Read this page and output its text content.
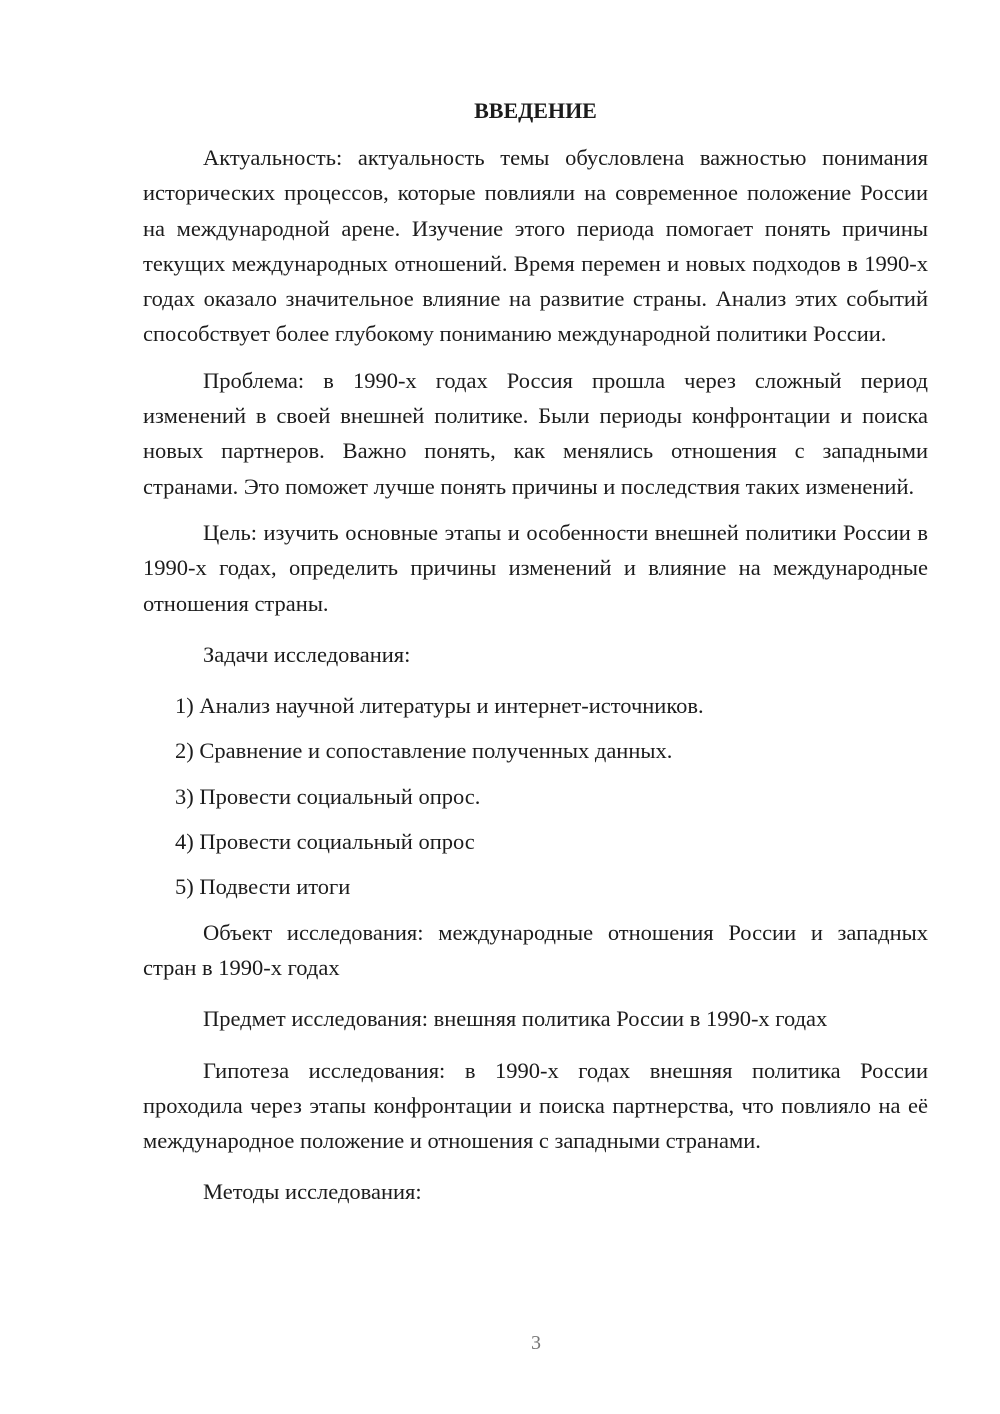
ВВЕДЕНИЕ

Актуальность: актуальность темы обусловлена важностью понимания исторических процессов, которые повлияли на современное положение России на международной арене. Изучение этого периода помогает понять причины текущих международных отношений. Время перемен и новых подходов в 1990-х годах оказало значительное влияние на развитие страны. Анализ этих событий способствует более глубокому пониманию международной политики России.

Проблема: в 1990-х годах Россия прошла через сложный период изменений в своей внешней политике. Были периоды конфронтации и поиска новых партнеров. Важно понять, как менялись отношения с западными странами. Это поможет лучше понять причины и последствия таких изменений.

Цель: изучить основные этапы и особенности внешней политики России в 1990-х годах, определить причины изменений и влияние на международные отношения страны.

Задачи исследования:

1) Анализ научной литературы и интернет-источников.

2) Сравнение и сопоставление полученных данных.

3) Провести социальный опрос.

4) Провести социальный опрос

5) Подвести итоги

Объект исследования: международные отношения России и западных стран в 1990-х годах

Предмет исследования: внешняя политика России в 1990-х годах

Гипотеза исследования: в 1990-х годах внешняя политика России проходила через этапы конфронтации и поиска партнерства, что повлияло на её международное положение и отношения с западными странами.

Методы исследования:

3
